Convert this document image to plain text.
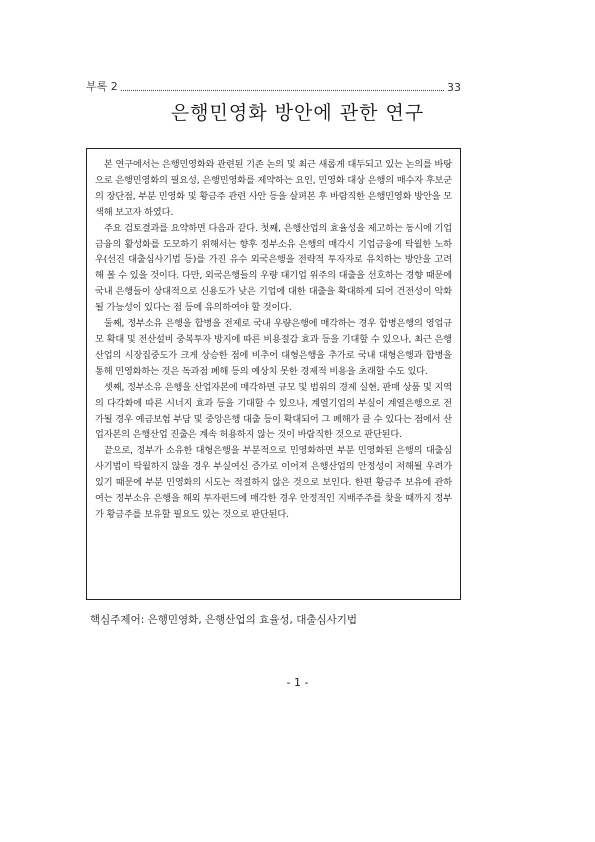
부록 2	33
은행민영화 방안에 관한 연구

본 연구에서는 은행민영화와 관련된 기존 논의 및 최근 새롭게 대두되고 있는 논의를 바탕으로 은행민영화의 필요성, 은행민영화를 제약하는 요인, 민영화 대상 은행의 매수자 후보군의 장단점, 부분 민영화 및 황금주 관련 사안 등을 살펴본 후 바람직한 은행민영화 방안을 모색해 보고자 하였다.

주요 검토결과를 요약하면 다음과 같다. 첫째, 은행산업의 효율성을 제고하는 동시에 기업금융의 활성화를 도모하기 위해서는 향후 정부소유 은행의 매각시 기업금융에 탁월한 노하우(선진 대출심사기법 등)를 가진 유수 외국은행을 전략적 투자자로 유치하는 방안을 고려해 볼 수 있을 것이다. 다만, 외국은행들의 우량 대기업 위주의 대출을 선호하는 경향 때문에 국내 은행들이 상대적으로 신용도가 낮은 기업에 대한 대출을 확대하게 되어 건전성이 악화될 가능성이 있다는 점 등에 유의하여야 할 것이다.

둘째, 정부소유 은행을 합병을 전제로 국내 우량은행에 매각하는 경우 합병은행의 영업규모 확대 및 전산설비 중복투자 방지에 따른 비용절감 효과 등을 기대할 수 있으나, 최근 은행산업의 시장집중도가 크게 상승한 점에 비추어 대형은행을 추가로 국내 대형은행과 합병을 통해 민영화하는 것은 독과점 폐해 등의 예상치 못한 경제적 비용을 초래할 수도 있다.

셋째, 정부소유 은행을 산업자본에 매각하면 규모 및 범위의 경제 실현, 판매 상품 및 지역의 다각화에 따른 시너지 효과 등을 기대할 수 있으나, 계열기업의 부실이 계열은행으로 전가될 경우 예금보험 부담 및 중앙은행 대출 등이 확대되어 그 폐해가 클 수 있다는 점에서 산업자본의 은행산업 진출은 계속 허용하지 않는 것이 바람직한 것으로 판단된다.

끝으로, 정부가 소유한 대형은행을 부분적으로 민영화하면 부분 민영화된 은행의 대출심사기법이 탁월하지 않을 경우 부실여신 증가로 이어져 은행산업의 안정성이 저해될 우려가 있기 때문에 부분 민영화의 시도는 적절하지 않은 것으로 보인다. 한편 황금주 보유에 관하여는 정부소유 은행을 해외 투자펀드에 매각한 경우 안정적인 지배주주를 찾을 때까지 정부가 황금주를 보유할 필요도 있는 것으로 판단된다.

핵심주제어: 은행민영화, 은행산업의 효율성, 대출심사기법
- 1 -
